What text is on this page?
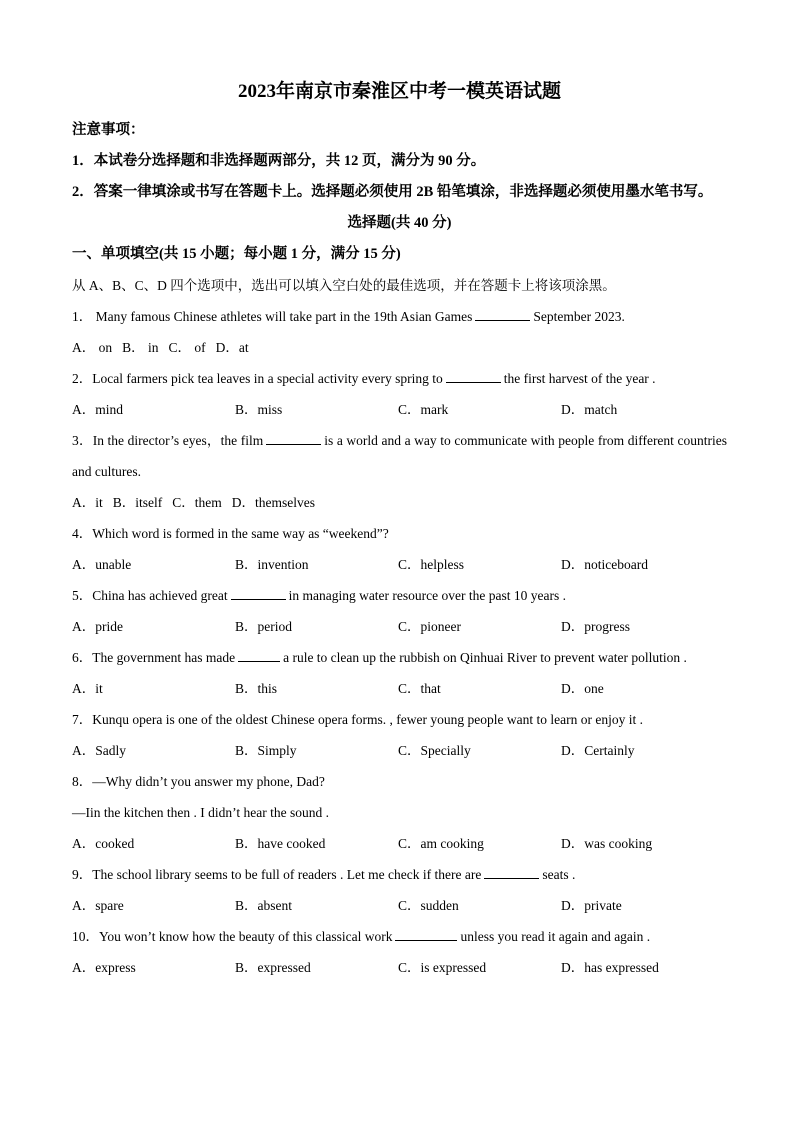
2023年南京市秦淮区中考一模英语试题
注意事项：
1．本试卷分选择题和非选择题两部分，共 12 页，满分为 90 分。
2．答案一律填涂或书写在答题卡上。选择题必须使用 2B 铅笔填涂，非选择题必须使用墨水笔书写。
选择题(共 40 分)
一、单项填空(共 15 小题；每小题 1 分，满分 15 分)
从 A、B、C、D 四个选项中，选出可以填入空白处的最佳选项，并在答题卡上将该项涂黑。
1． Many famous Chinese athletes will take part in the 19th Asian Games	September 2023.
A． on B． in C． of D．at
2．Local farmers pick tea leaves in a special activity every spring to	the first harvest of the year .
A．mind	B．miss	C．mark	D．match
3．In the director’s eyes，the film	is a world and a way to communicate with people from different countries and cultures.
A．it B．itself C．them D．themselves
4．Which word is formed in the same way as “weekend”?
A．unable	B．invention	C．helpless	D．noticeboard
5．China has achieved great	in managing water resource over the past 10 years .
A．pride	B．period	C．pioneer	D．progress
6．The government has made	a rule to clean up the rubbish on Qinhuai River to prevent water pollution .
A．it	B．this	C．that	D．one
7．Kunqu opera is one of the oldest Chinese opera forms. , fewer young people want to learn or enjoy it .
A．Sadly	B．Simply	C．Specially	D．Certainly
8．—Why didn’t you answer my phone, Dad?
—Iin the kitchen then . I didn’t hear the sound .
A．cooked	B．have cooked	C．am cooking	D．was cooking
9．The school library seems to be full of readers . Let me check if there are	seats .
A．spare	B．absent	C．sudden	D．private
10．You won’t know how the beauty of this classical work	unless you read it again and again .
A．express	B．expressed	C．is expressed	D．has expressed
